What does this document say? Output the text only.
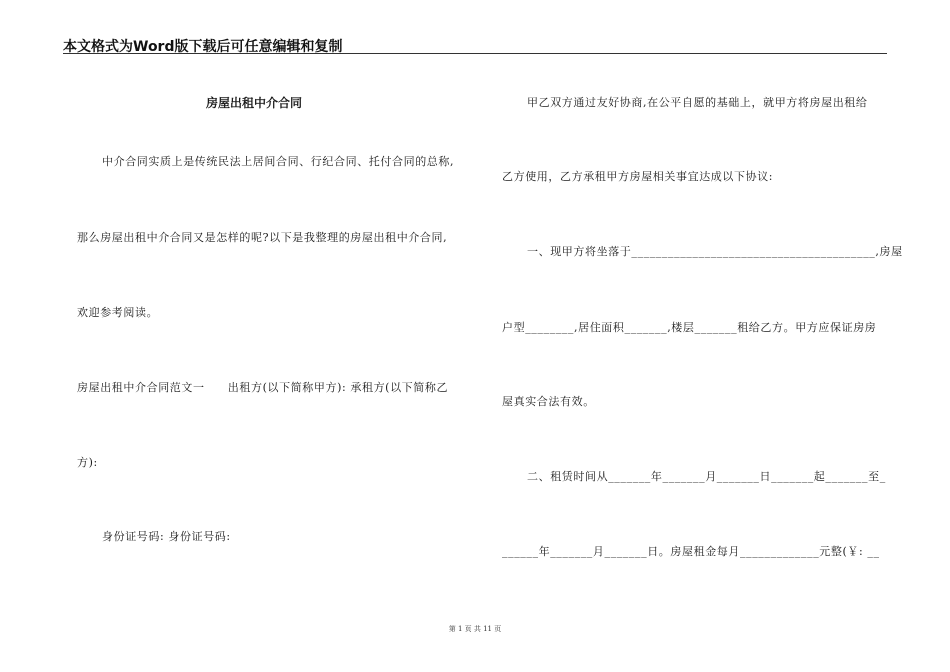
本文格式为Word版下载后可任意编辑和复制
房屋出租中介合同
中介合同实质上是传统民法上居间合同、行纪合同、托付合同的总称,
那么房屋出租中介合同又是怎样的呢?以下是我整理的房屋出租中介合同,
欢迎参考阅读。
房屋出租中介合同范文一　　出租方(以下简称甲方): 承租方(以下简称乙
方):
身份证号码: 身份证号码:
甲乙双方通过友好协商,在公平自愿的基础上，就甲方将房屋出租给
乙方使用，乙方承租甲方房屋相关事宜达成以下协议:
一、现甲方将坐落于________________________________________,房屋
户型________,居住面积_______,楼层_______租给乙方。甲方应保证房房
屋真实合法有效。
二、租赁时间从_______年_______月_______日_______起_______至_
______年_______月_______日。房屋租金每月_____________元整(￥: __
第 1 页 共 11 页
